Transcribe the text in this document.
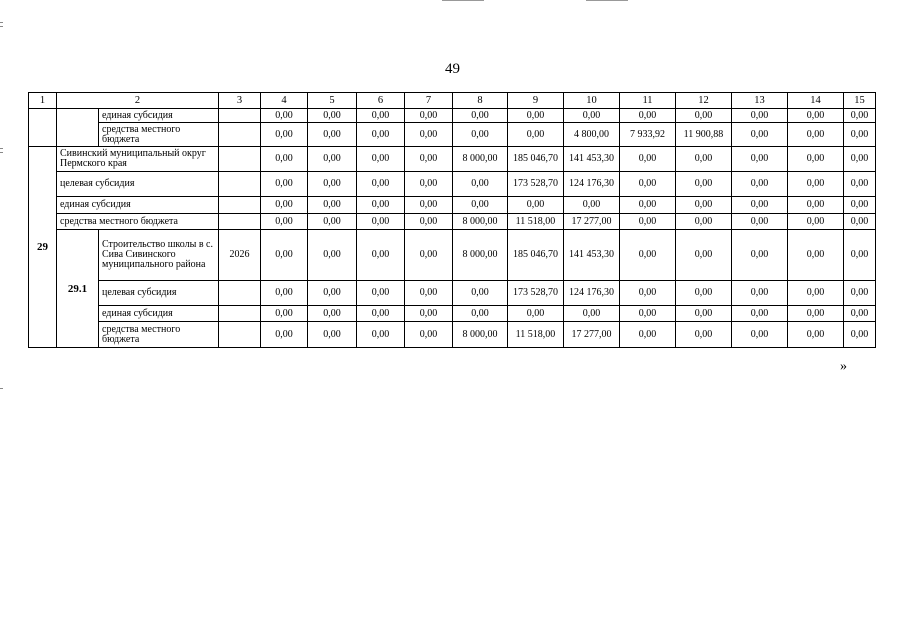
49
1	2		3	4	5	6	7	8	9	10	11	12	13	14	15
		единая субсидия		0,00	0,00	0,00	0,00	0,00	0,00	0,00	0,00	0,00	0,00	0,00	0,00
		средства местного бюджета		0,00	0,00	0,00	0,00	0,00	0,00	4 800,00	7 933,92	11 900,88	0,00	0,00	0,00
29	Сивинский муниципальный округ Пермского края			0,00	0,00	0,00	0,00	8 000,00	185 046,70	141 453,30	0,00	0,00	0,00	0,00	0,00
	целевая субсидия			0,00	0,00	0,00	0,00	0,00	173 528,70	124 176,30	0,00	0,00	0,00	0,00	0,00
	единая субсидия			0,00	0,00	0,00	0,00	0,00	0,00	0,00	0,00	0,00	0,00	0,00	0,00
	средства местного бюджета			0,00	0,00	0,00	0,00	8 000,00	11 518,00	17 277,00	0,00	0,00	0,00	0,00	0,00
	29.1	Строительство школы в с. Сива Сивинского муниципального района	2026	0,00	0,00	0,00	0,00	8 000,00	185 046,70	141 453,30	0,00	0,00	0,00	0,00	0,00
		целевая субсидия		0,00	0,00	0,00	0,00	0,00	173 528,70	124 176,30	0,00	0,00	0,00	0,00	0,00
		единая субсидия		0,00	0,00	0,00	0,00	0,00	0,00	0,00	0,00	0,00	0,00	0,00	0,00
		средства местного бюджета		0,00	0,00	0,00	0,00	8 000,00	11 518,00	17 277,00	0,00	0,00	0,00	0,00	0,00
»
